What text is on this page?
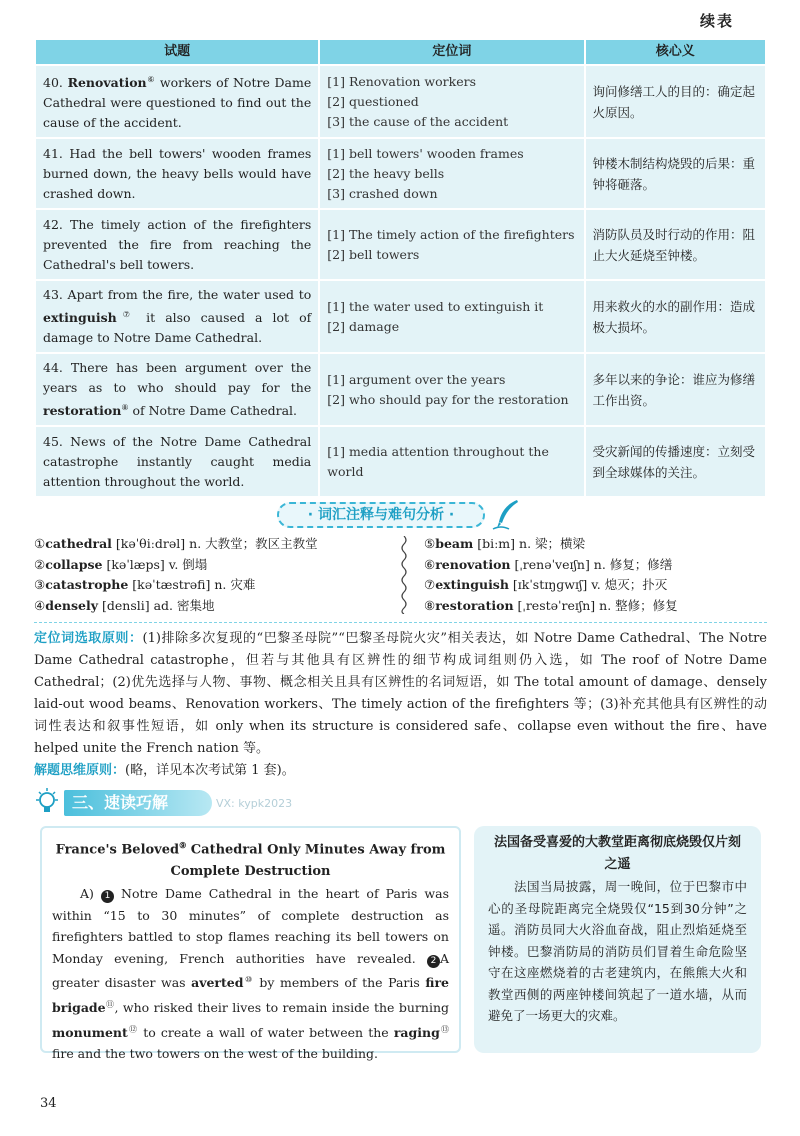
续表
试题	定位词	核心义
40. Renovation⑥ workers of Notre Dame Cathedral were questioned to find out the cause of the accident.	[1] Renovation workers
[2] questioned
[3] the cause of the accident	询问修缮工人的目的：确定起火原因。
41. Had the bell towers' wooden frames burned down, the heavy bells would have crashed down.	[1] bell towers' wooden frames
[2] the heavy bells
[3] crashed down	钟楼木制结构烧毁的后果：重钟将砸落。
42. The timely action of the firefighters prevented the fire from reaching the Cathedral's bell towers.	[1] The timely action of the firefighters
[2] bell towers	消防队员及时行动的作用：阻止大火延烧至钟楼。
43. Apart from the fire, the water used to extinguish⑦ it also caused a lot of damage to Notre Dame Cathedral.	[1] the water used to extinguish it
[2] damage	用来救火的水的副作用：造成极大损坏。
44. There has been argument over the years as to who should pay for the restoration⑧ of Notre Dame Cathedral.	[1] argument over the years
[2] who should pay for the restoration	多年以来的争论：谁应为修缮工作出资。
45. News of the Notre Dame Cathedral catastrophe instantly caught media attention throughout the world.	[1] media attention throughout the world	受灾新闻的传播速度：立刻受到全球媒体的关注。
· 词汇注释与难句分析 ·
①cathedral [kəˈθiːdrəl] n. 大教堂；教区主教堂
②collapse [kəˈlæps] v. 倒塌
③catastrophe [kəˈtæstrəfi] n. 灾难
④densely [densli] ad. 密集地
⑤beam [biːm] n. 梁；横梁
⑥renovation [ˌrenəˈveɪʃn] n. 修复；修缮
⑦extinguish [ɪkˈstɪŋɡwɪʃ] v. 熄灭；扑灭
⑧restoration [ˌrestəˈreɪʃn] n. 整修；修复
定位词选取原则：(1)排除多次复现的“巴黎圣母院”“巴黎圣母院火灾”相关表达，如 Notre Dame Cathedral、The Notre Dame Cathedral catastrophe，但若与其他具有区辨性的细节构成词组则仍入选，如 The roof of Notre Dame Cathedral；(2)优先选择与人物、事物、概念相关且具有区辨性的名词短语，如 The total amount of damage、densely laid-out wood beams、Renovation workers、The timely action of the firefighters 等；(3)补充其他具有区辨性的动词性表达和叙事性短语，如 only when its structure is considered safe、collapse even without the fire、have helped unite the French nation 等。
解题思维原则：(略，详见本次考试第 1 套)。
三、速读巧解	VX: kypk2023
France's Beloved⑨ Cathedral Only Minutes Away from Complete Destruction
A) 1 Notre Dame Cathedral in the heart of Paris was within “15 to 30 minutes” of complete destruction as firefighters battled to stop flames reaching its bell towers on Monday evening, French authorities have revealed. 2 A greater disaster was averted⑩ by members of the Paris fire brigade⑪, who risked their lives to remain inside the burning monument⑫ to create a wall of water between the raging⑬ fire and the two towers on the west of the building.
法国备受喜爱的大教堂距离彻底烧毁仅片刻之遥
法国当局披露，周一晚间，位于巴黎市中心的圣母院距离完全烧毁仅“15到30分钟”之遥。消防员同大火浴血奋战，阻止烈焰延烧至钟楼。巴黎消防局的消防员们冒着生命危险坚守在这座燃烧着的古老建筑内，在熊熊大火和教堂西侧的两座钟楼间筑起了一道水墙，从而避免了一场更大的灾难。
34
